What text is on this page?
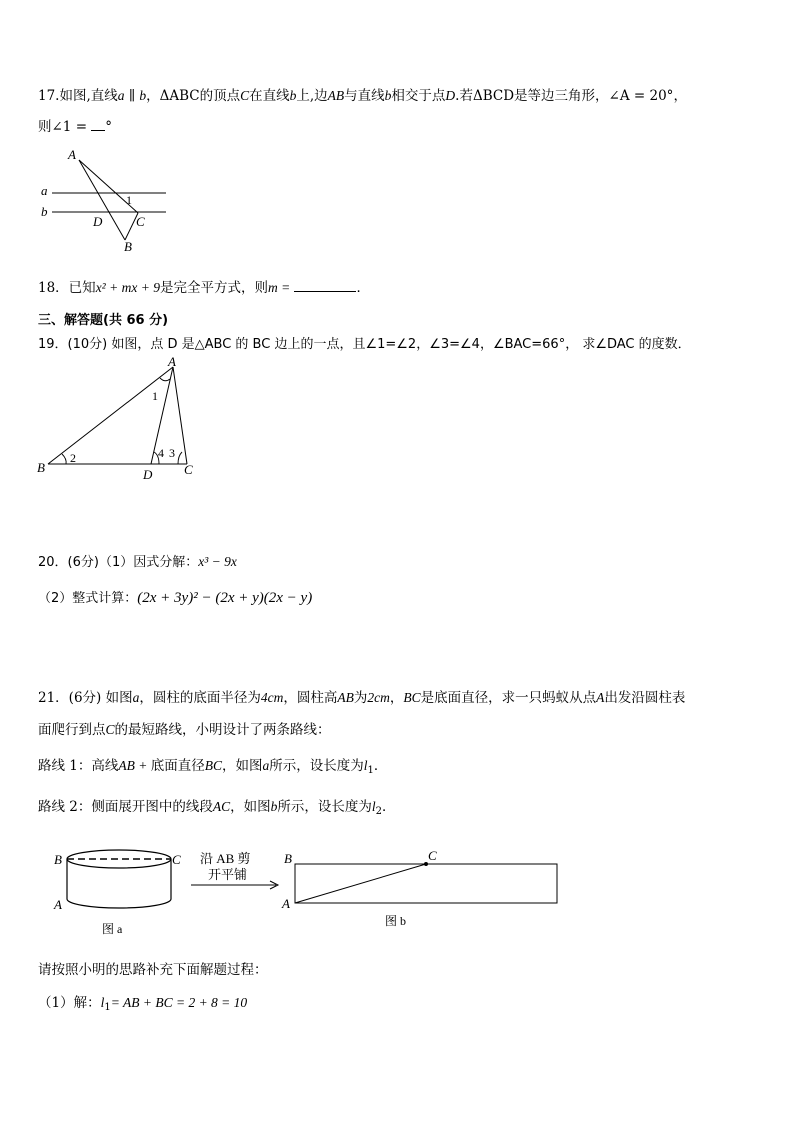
17.如图,直线a ∥ b，ΔABC的顶点C在直线b上,边AB与直线b相交于点D.若ΔBCD是等边三角形，∠A = 20°，
则∠1 = °
A
a
b
1
D	C
B
18．已知x² + mx + 9是完全平方式，则m =	．
三、解答题(共 66 分)
19．(10分) 如图，点 D 是△ABC 的 BC 边上的一点，且∠1=∠2，∠3=∠4，∠BAC=66°， 求∠DAC 的度数．
A
1
B
2	4 3
D C
20．(6分)（1）因式分解：x³ − 9x
（2）整式计算：(2x + 3y)² − (2x + y)(2x − y)
21．(6分) 如图a，圆柱的底面半径为4cm，圆柱高AB为2cm，BC是底面直径，求一只蚂蚁从点A出发沿圆柱表
面爬行到点C的最短路线，小明设计了两条路线：
路线 1：高线AB + 底面直径BC，如图a所示，设长度为$l_1$．
路线 2：侧面展开图中的线段AC，如图b所示，设长度为$l_2$．
B	C
A
图 a
沿 AB 剪
开平铺
B	C
A
图 b
请按照小明的思路补充下面解题过程：
（1）解：$l_1=$ AB + BC = 2 + 8 = 10
